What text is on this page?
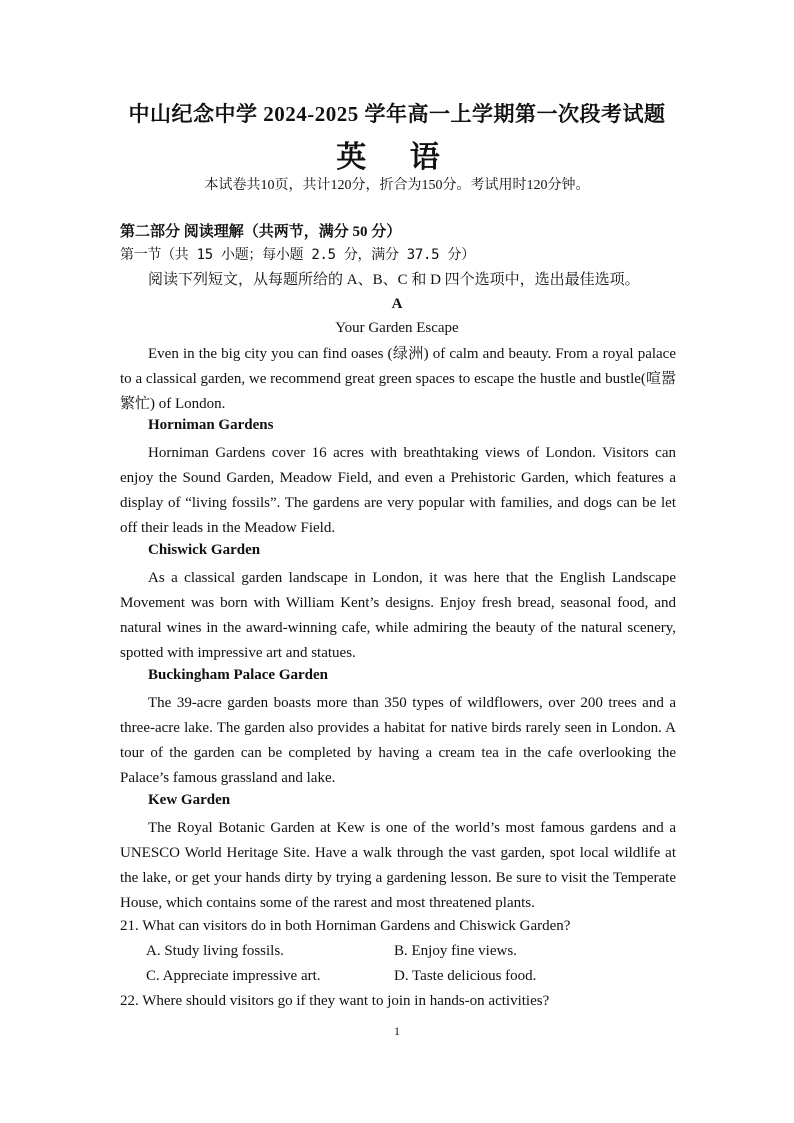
中山纪念中学 2024-2025 学年高一上学期第一次段考试题
英 语
本试卷共10页，共计120分，折合为150分。考试用时120分钟。
第二部分 阅读理解（共两节，满分 50 分）
第一节（共 15 小题；每小题 2.5 分，满分 37.5 分）
阅读下列短文，从每题所给的 A、B、C 和 D 四个选项中，选出最佳选项。
A
Your Garden Escape

Even in the big city you can find oases (绿洲) of calm and beauty. From a royal palace to a classical garden, we recommend great green spaces to escape the hustle and bustle(喧嚣繁忙) of London.

Horniman Gardens

Horniman Gardens cover 16 acres with breathtaking views of London. Visitors can enjoy the Sound Garden, Meadow Field, and even a Prehistoric Garden, which features a display of “living fossils”. The gardens are very popular with families, and dogs can be let off their leads in the Meadow Field.

Chiswick Garden

As a classical garden landscape in London, it was here that the English Landscape Movement was born with William Kent’s designs. Enjoy fresh bread, seasonal food, and natural wines in the award-winning cafe, while admiring the beauty of the natural scenery, spotted with impressive art and statues.

Buckingham Palace Garden

The 39-acre garden boasts more than 350 types of wildflowers, over 200 trees and a three-acre lake. The garden also provides a habitat for native birds rarely seen in London. A tour of the garden can be completed by having a cream tea in the cafe overlooking the Palace’s famous grassland and lake.

Kew Garden

The Royal Botanic Garden at Kew is one of the world’s most famous gardens and a UNESCO World Heritage Site. Have a walk through the vast garden, spot local wildlife at the lake, or get your hands dirty by trying a gardening lesson. Be sure to visit the Temperate House, which contains some of the rarest and most threatened plants.

21. What can visitors do in both Horniman Gardens and Chiswick Garden?
A. Study living fossils.	B. Enjoy fine views.
C. Appreciate impressive art.	D. Taste delicious food.
22. Where should visitors go if they want to join in hands-on activities?
1
